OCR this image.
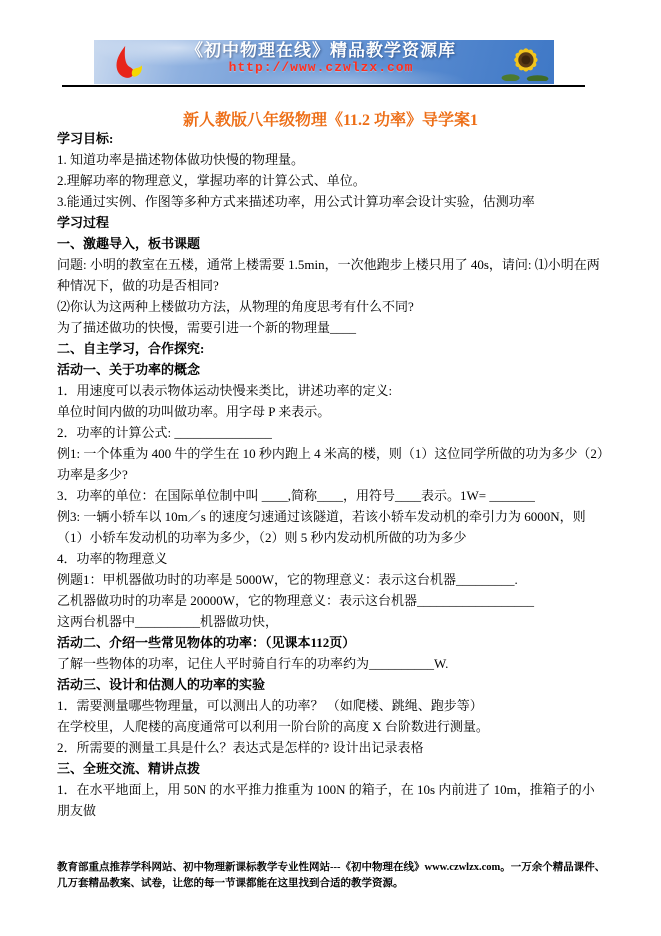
《初中物理在线》精品教学资源库
http://www.czwlzx.com
新人教版八年级物理《11.2 功率》导学案1

学习目标:

1. 知道功率是描述物体做功快慢的物理量。

2.理解功率的物理意义，掌握功率的计算公式、单位。

3.能通过实例、作图等多种方式来描述功率，用公式计算功率会设计实验，估测功率

学习过程

一、激趣导入，板书课题

问题: 小明的教室在五楼，通常上楼需要 1.5min，一次他跑步上楼只用了 40s，请问: ⑴小明在两种情况下，做的功是否相同?

⑵你认为这两种上楼做功方法，从物理的角度思考有什么不同?

为了描述做功的快慢，需要引进一个新的物理量____

二、自主学习，合作探究:

活动一、关于功率的概念

1．用速度可以表示物体运动快慢来类比，讲述功率的定义:

单位时间内做的功叫做功率。用字母 P 来表示。

2．功率的计算公式: _______________

例1: 一个体重为 400 牛的学生在 10 秒内跑上 4 米高的楼，则（1）这位同学所做的功为多少（2）功率是多少?

3．功率的单位：在国际单位制中叫 ____,简称____，用符号____表示。1W= _______

例3: 一辆小轿车以 10m／s 的速度匀速通过该隧道，若该小轿车发动机的牵引力为 6000N，则（1）小轿车发动机的功率为多少，（2）则 5 秒内发动机所做的功为多少

4．功率的物理意义

例题1：甲机器做功时的功率是 5000W，它的物理意义：表示这台机器_________.

乙机器做功时的功率是 20000W，它的物理意义：表示这台机器__________________

这两台机器中__________机器做功快，

活动二、介绍一些常见物体的功率：（见课本112页）

了解一些物体的功率，记住人平时骑自行车的功率约为__________W.

活动三、设计和估测人的功率的实验

1．需要测量哪些物理量，可以测出人的功率？ （如爬楼、跳绳、跑步等）

在学校里，人爬楼的高度通常可以利用一阶台阶的高度 X 台阶数进行测量。

2．所需要的测量工具是什么？表达式是怎样的? 设计出记录表格

三、全班交流、精讲点拨

1．在水平地面上，用 50N 的水平推力推重为 100N 的箱子，在 10s 内前进了 10m，推箱子的小朋友做

教育部重点推荐学科网站、初中物理新课标教学专业性网站---《初中物理在线》www.czwlzx.com。一万余个精品课件、
几万套精品教案、试卷，让您的每一节课都能在这里找到合适的教学资源。
